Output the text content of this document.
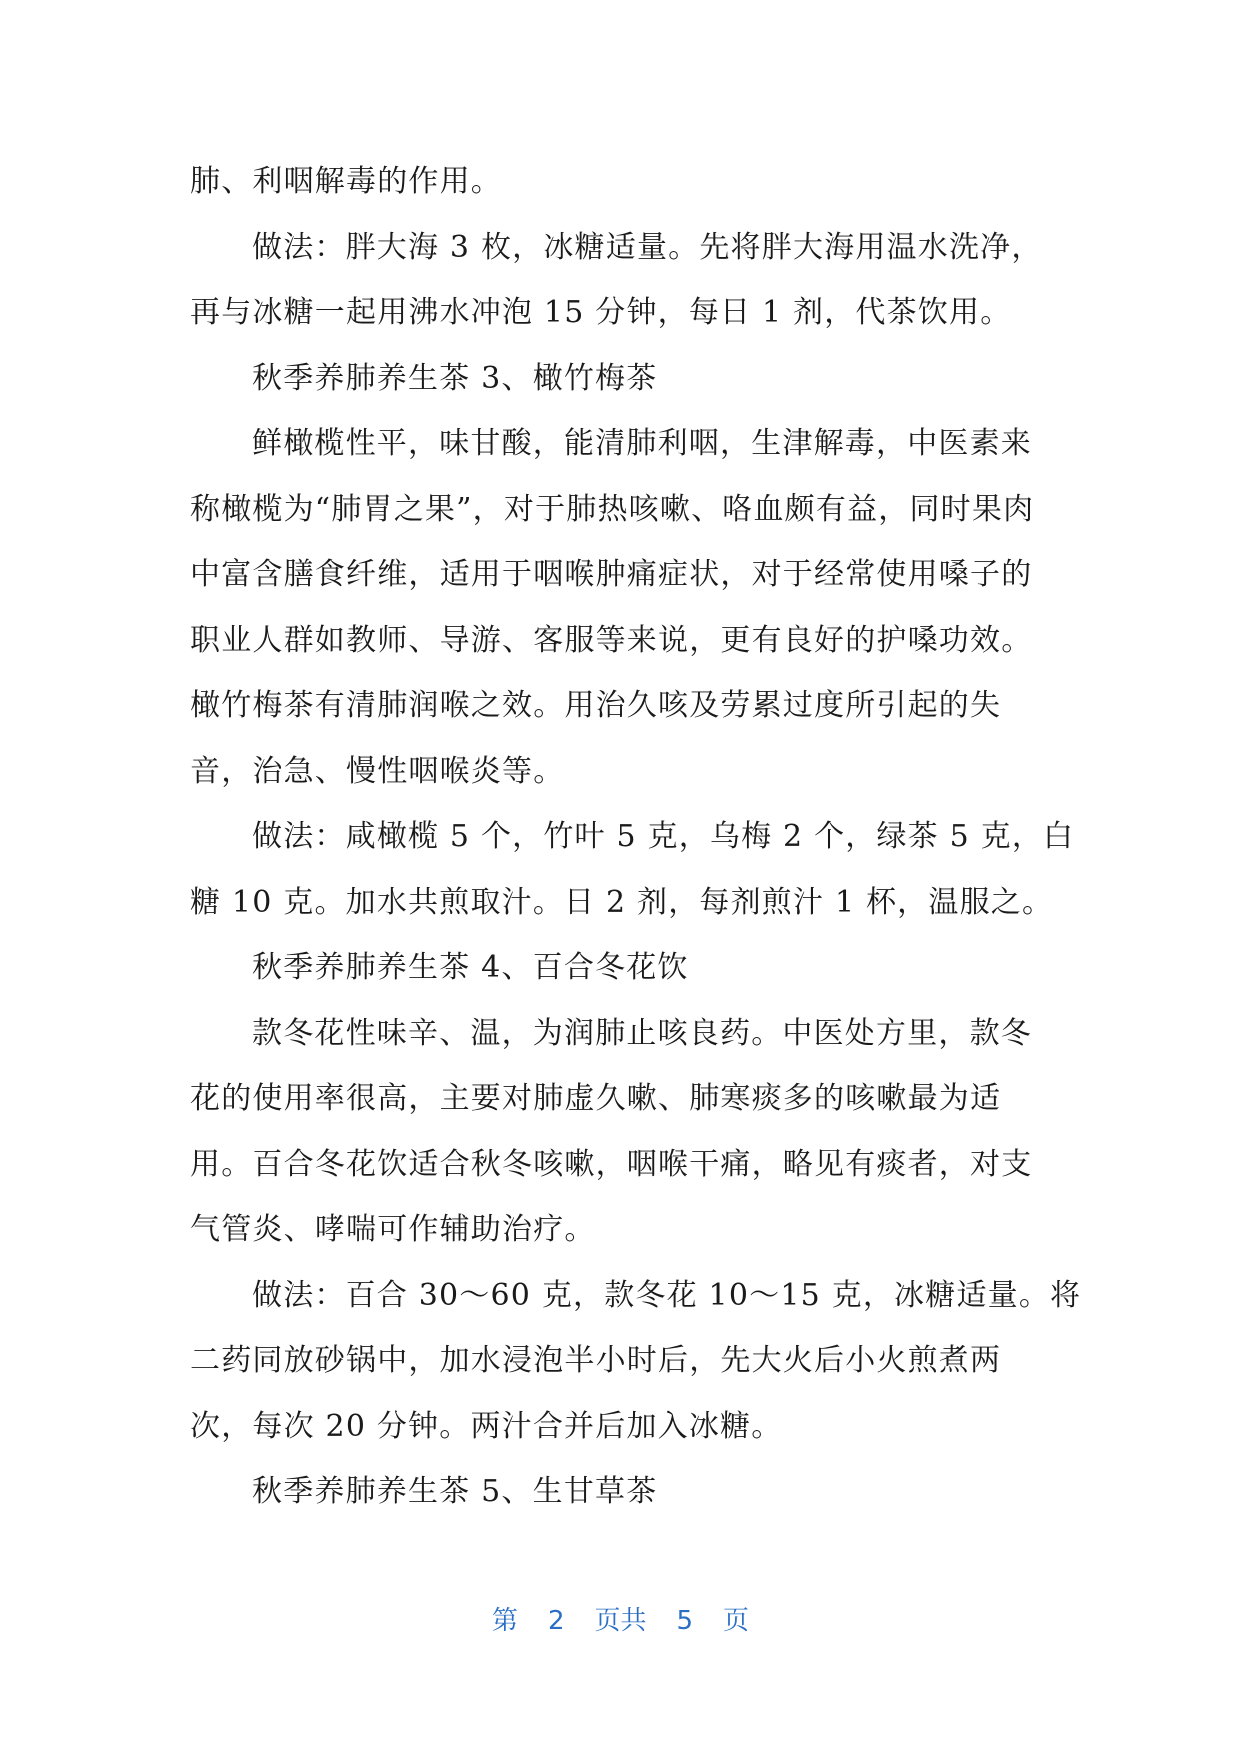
肺、利咽解毒的作用。
做法：胖大海 3 枚，冰糖适量。先将胖大海用温水洗净，
再与冰糖一起用沸水冲泡 15 分钟，每日 1 剂，代茶饮用。
秋季养肺养生茶 3、橄竹梅茶
鲜橄榄性平，味甘酸，能清肺利咽，生津解毒，中医素来
称橄榄为“肺胃之果”，对于肺热咳嗽、咯血颇有益，同时果肉
中富含膳食纤维，适用于咽喉肿痛症状，对于经常使用嗓子的
职业人群如教师、导游、客服等来说，更有良好的护嗓功效。
橄竹梅茶有清肺润喉之效。用治久咳及劳累过度所引起的失
音，治急、慢性咽喉炎等。
做法：咸橄榄 5 个，竹叶 5 克，乌梅 2 个，绿茶 5 克，白
糖 10 克。加水共煎取汁。日 2 剂，每剂煎汁 1 杯，温服之。
秋季养肺养生茶 4、百合冬花饮
款冬花性味辛、温，为润肺止咳良药。中医处方里，款冬
花的使用率很高，主要对肺虚久嗽、肺寒痰多的咳嗽最为适
用。百合冬花饮适合秋冬咳嗽，咽喉干痛，略见有痰者，对支
气管炎、哮喘可作辅助治疗。
做法：百合 30～60 克，款冬花 10～15 克，冰糖适量。将
二药同放砂锅中，加水浸泡半小时后，先大火后小火煎煮两
次，每次 20 分钟。两汁合并后加入冰糖。
秋季养肺养生茶 5、生甘草茶
第 2 页共 5 页
